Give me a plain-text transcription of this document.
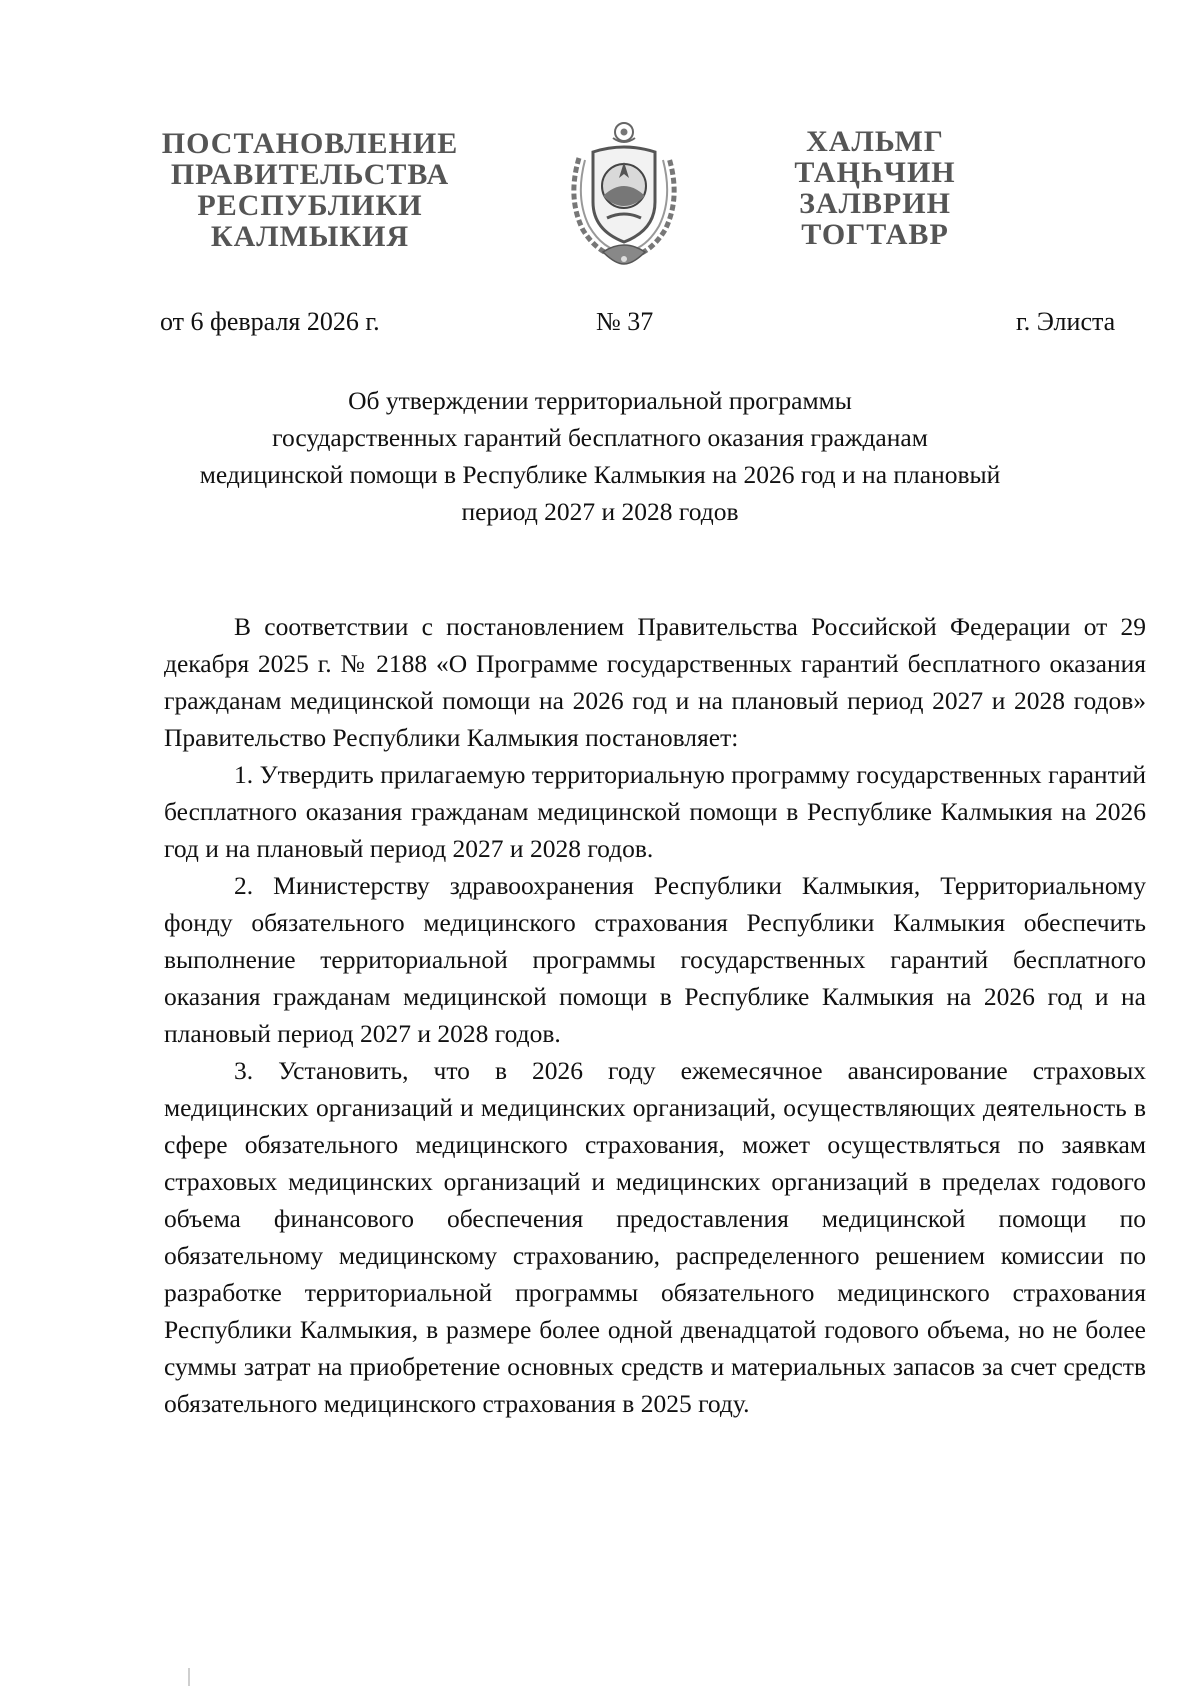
ПОСТАНОВЛЕНИЕ
ПРАВИТЕЛЬСТВА
РЕСПУБЛИКИ
КАЛМЫКИЯ
ХАЛЬМГ
ТАҢҺЧИН
ЗАЛВРИН
ТОГТАВР
от 6 февраля 2026 г.	№ 37	г. Элиста
Об утверждении территориальной программы
государственных гарантий бесплатного оказания гражданам
медицинской помощи в Республике Калмыкия на 2026 год и на плановый
период 2027 и 2028 годов

В соответствии с постановлением Правительства Российской Федерации от 29 декабря 2025 г. № 2188 «О Программе государственных гарантий бесплатного оказания гражданам медицинской помощи на 2026 год и на плановый период 2027 и 2028 годов» Правительство Республики Калмыкия постановляет:

1. Утвердить прилагаемую территориальную программу государственных гарантий бесплатного оказания гражданам медицинской помощи в Республике Калмыкия на 2026 год и на плановый период 2027 и 2028 годов.

2. Министерству здравоохранения Республики Калмыкия, Территориальному фонду обязательного медицинского страхования Республики Калмыкия обеспечить выполнение территориальной программы государственных гарантий бесплатного оказания гражданам медицинской помощи в Республике Калмыкия на 2026 год и на плановый период 2027 и 2028 годов.

3. Установить, что в 2026 году ежемесячное авансирование страховых медицинских организаций и медицинских организаций, осуществляющих деятельность в сфере обязательного медицинского страхования, может осуществляться по заявкам страховых медицинских организаций и медицинских организаций в пределах годового объема финансового обеспечения предоставления медицинской помощи по обязательному медицинскому страхованию, распределенного решением комиссии по разработке территориальной программы обязательного медицинского страхования Республики Калмыкия, в размере более одной двенадцатой годового объема, но не более суммы затрат на приобретение основных средств и материальных запасов за счет средств обязательного медицинского страхования в 2025 году.
